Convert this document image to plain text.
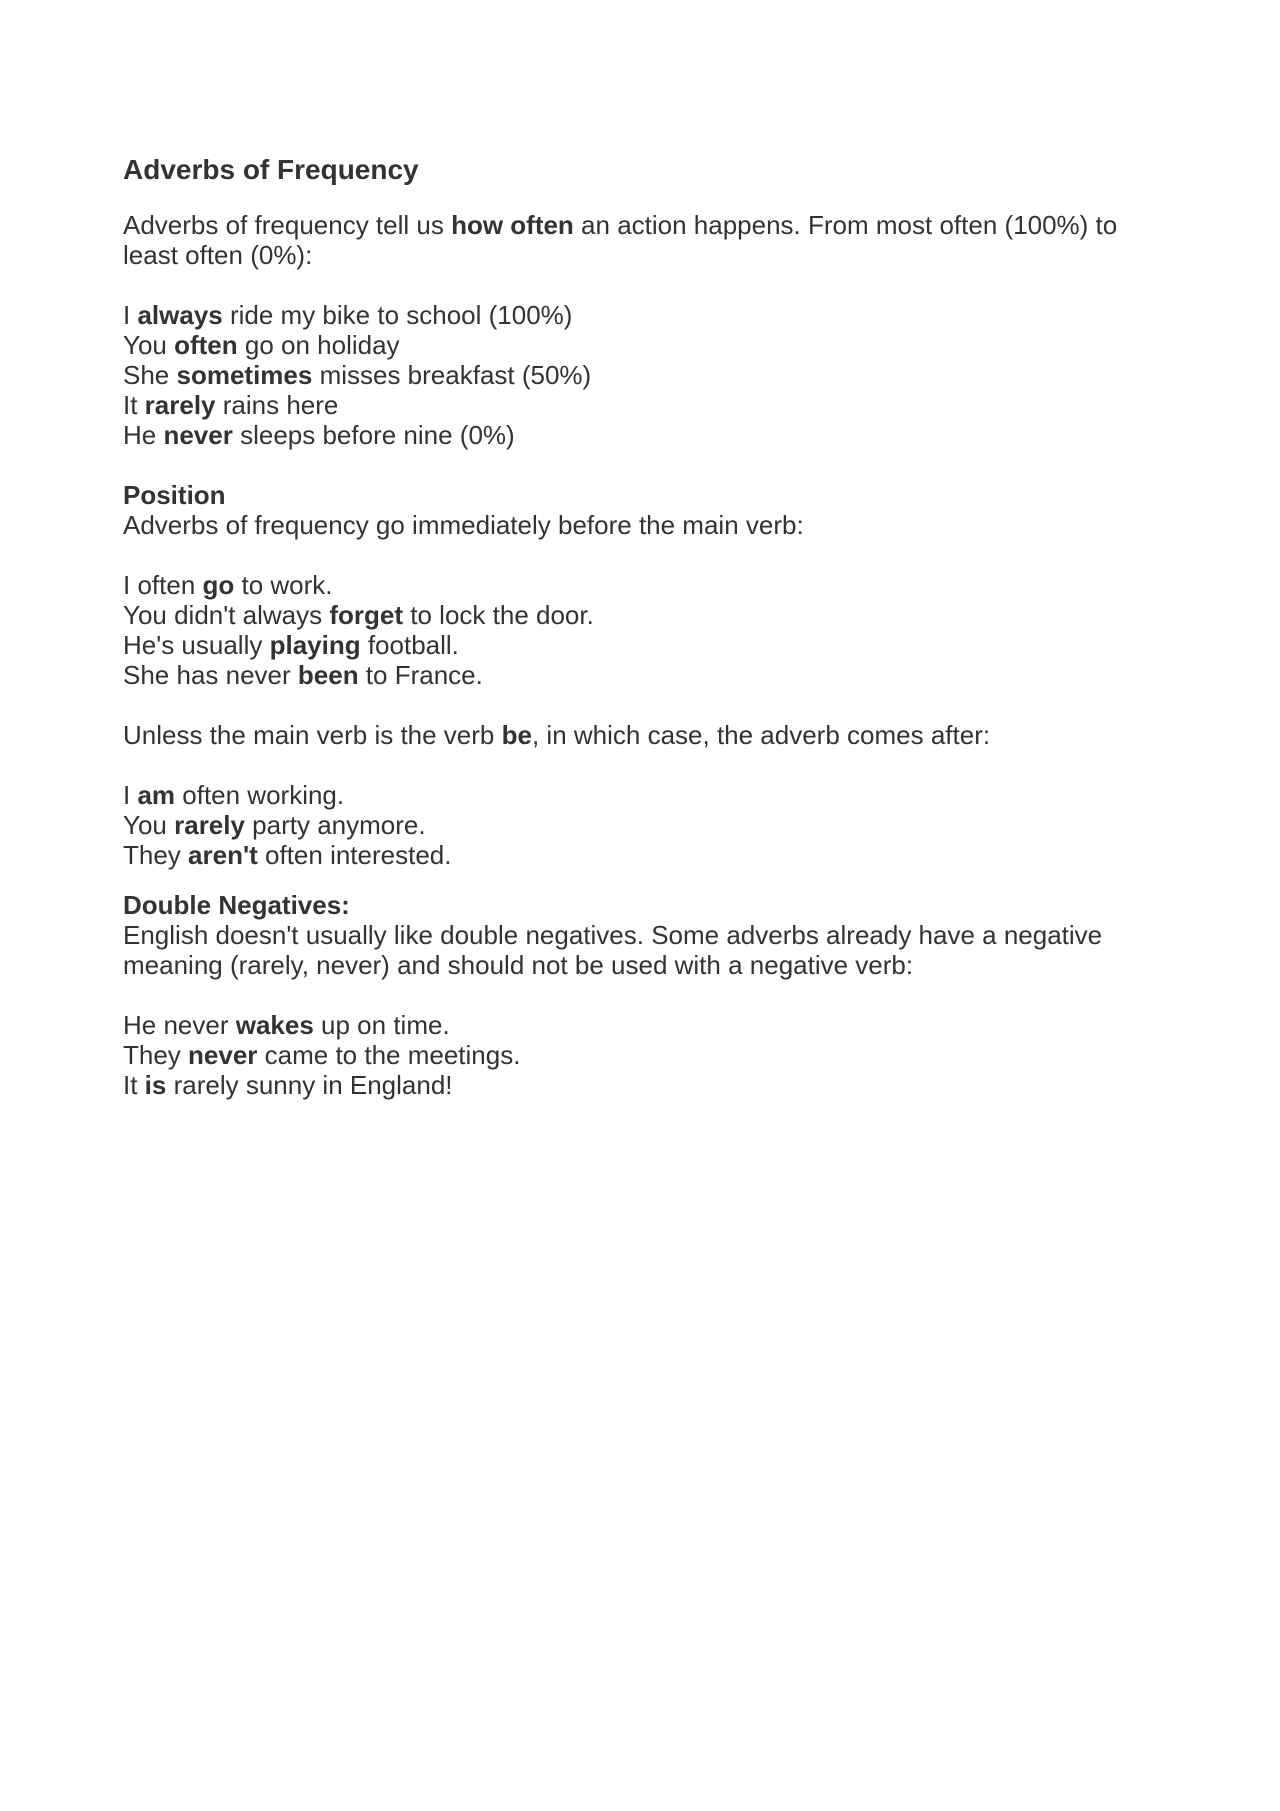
Adverbs of Frequency

Adverbs of frequency tell us how often an action happens. From most often (100%) to least often (0%):

I always ride my bike to school (100%)
You often go on holiday
She sometimes misses breakfast (50%)
It rarely rains here
He never sleeps before nine (0%)
Position
Adverbs of frequency go immediately before the main verb:
I often go to work.
You didn't always forget to lock the door.
He's usually playing football.
She has never been to France.

Unless the main verb is the verb be, in which case, the adverb comes after:

I am often working.
You rarely party anymore.
They aren't often interested.
Double Negatives:
English doesn't usually like double negatives. Some adverbs already have a negative
meaning (rarely, never) and should not be used with a negative verb:
He never wakes up on time.
They never came to the meetings.
It is rarely sunny in England!
